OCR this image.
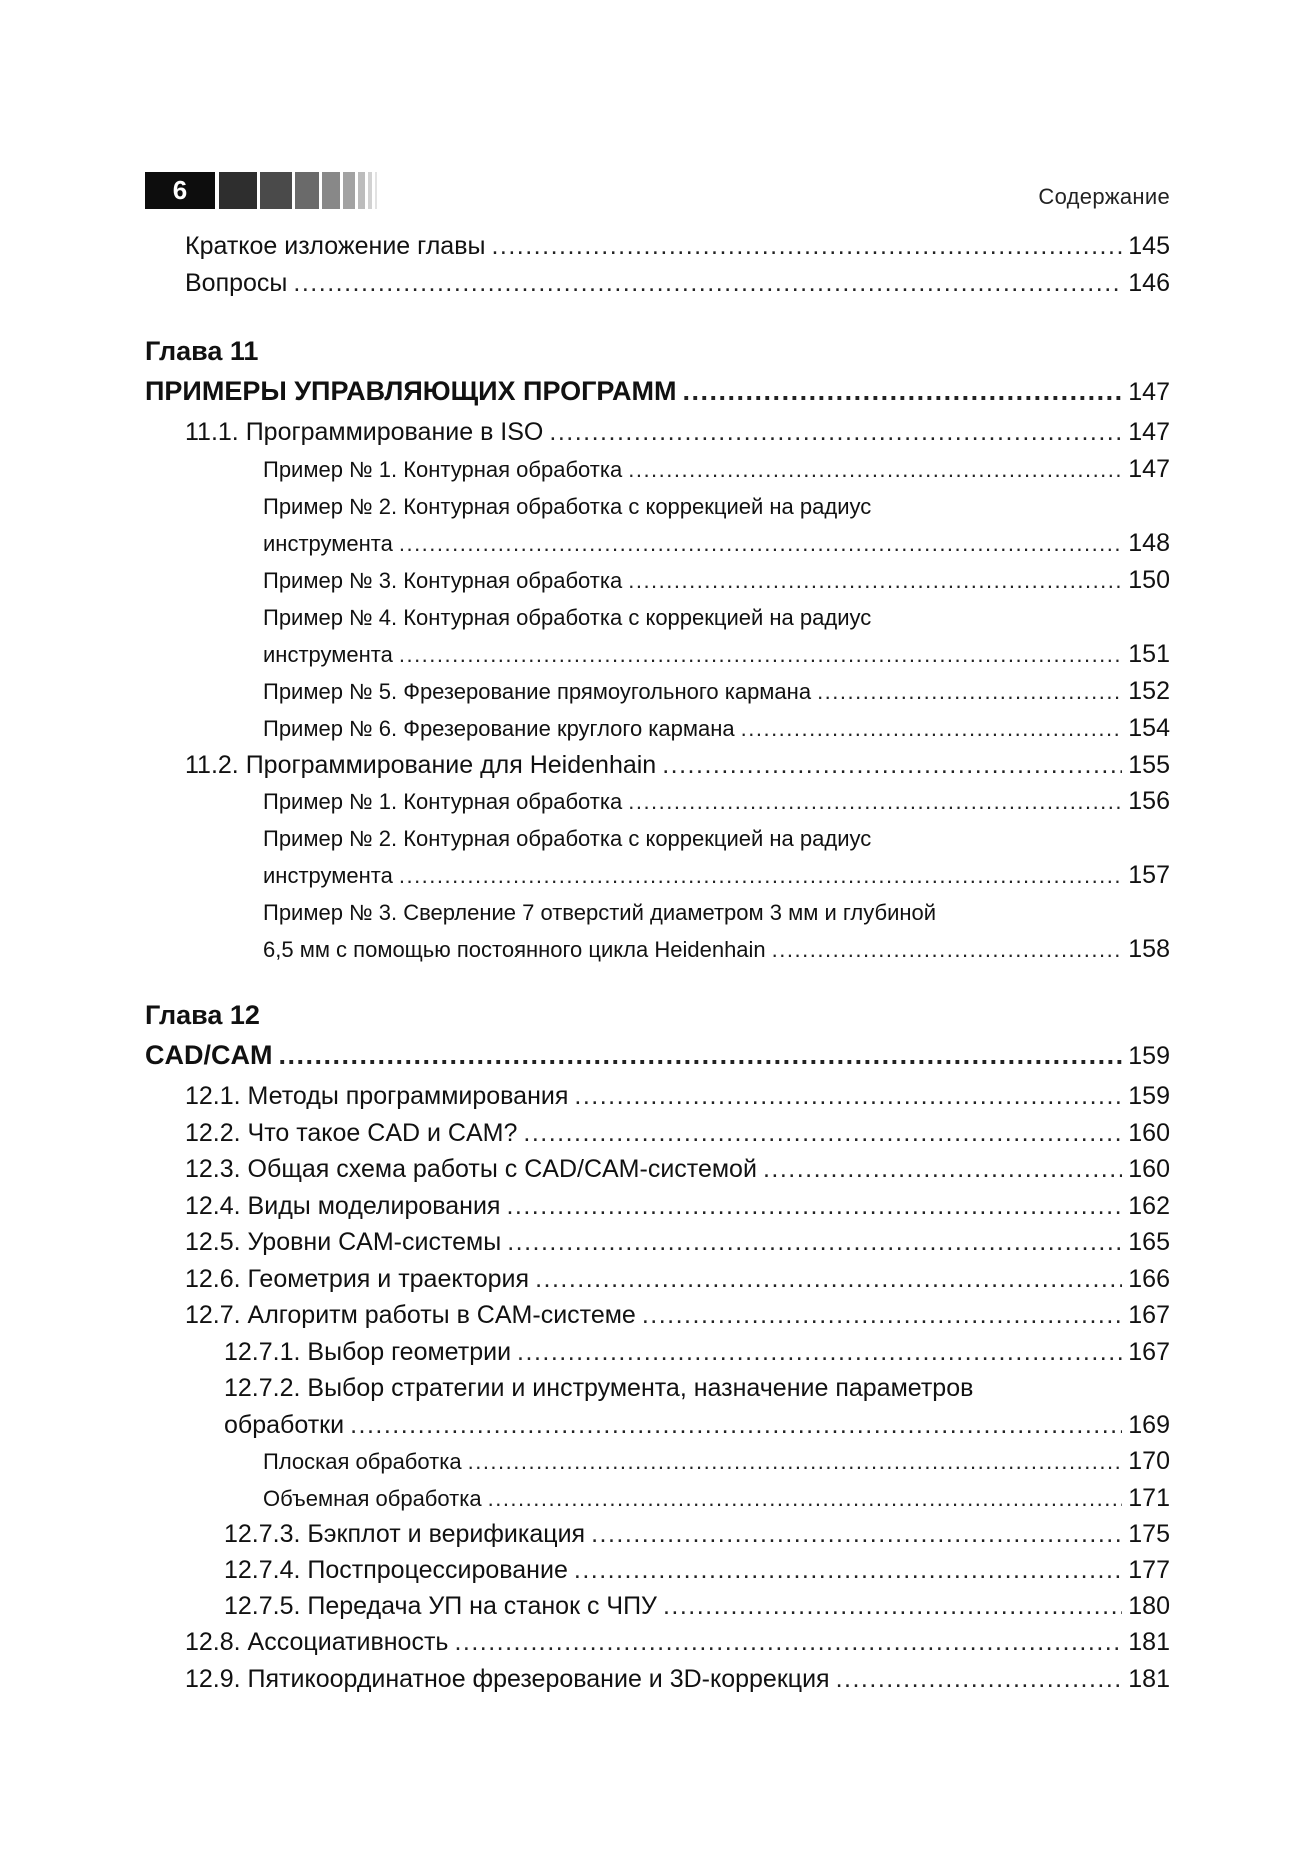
6	Содержание
Краткое изложение главы .....	145
Вопросы .....	146
Глава 11
ПРИМЕРЫ УПРАВЛЯЮЩИХ ПРОГРАММ .....	147
11.1. Программирование в ISO .....	147
Пример № 1. Контурная обработка .....	147
Пример № 2. Контурная обработка с коррекцией на радиус
инструмента .....	148
Пример № 3. Контурная обработка .....	150
Пример № 4. Контурная обработка с коррекцией на радиус
инструмента .....	151
Пример № 5. Фрезерование прямоугольного кармана .....	152
Пример № 6. Фрезерование круглого кармана .....	154
11.2. Программирование для Heidenhain .....	155
Пример № 1. Контурная обработка .....	156
Пример № 2. Контурная обработка с коррекцией на радиус
инструмента .....	157
Пример № 3. Сверление 7 отверстий диаметром 3 мм и глубиной
6,5 мм с помощью постоянного цикла Heidenhain .....	158
Глава 12
CAD/CAM .....	159
12.1. Методы программирования .....	159
12.2. Что такое CAD и CAM? .....	160
12.3. Общая схема работы с CAD/CAM-системой .....	160
12.4. Виды моделирования .....	162
12.5. Уровни CAM-системы .....	165
12.6. Геометрия и траектория .....	166
12.7. Алгоритм работы в CAM-системе .....	167
12.7.1. Выбор геометрии .....	167
12.7.2. Выбор стратегии и инструмента, назначение параметров
обработки .....	169
Плоская обработка .....	170
Объемная обработка .....	171
12.7.3. Бэкплот и верификация .....	175
12.7.4. Постпроцессирование .....	177
12.7.5. Передача УП на станок с ЧПУ .....	180
12.8. Ассоциативность .....	181
12.9. Пятикоординатное фрезерование и 3D-коррекция .....	181
